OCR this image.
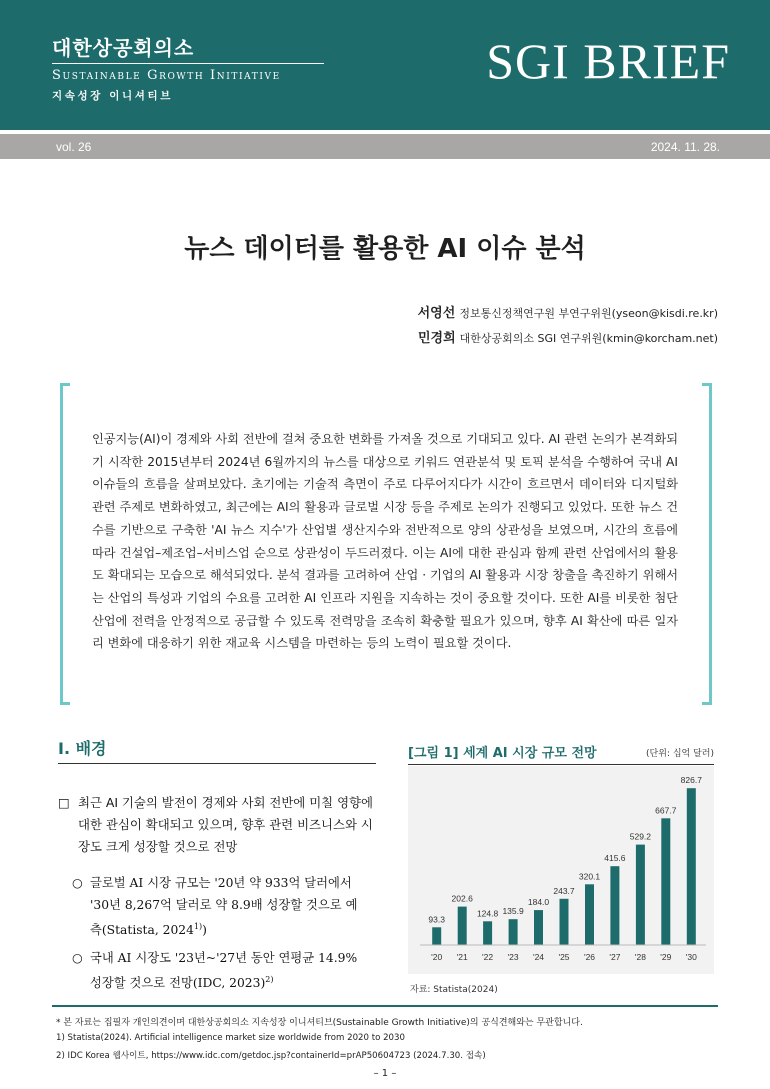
대한상공회의소
Sustainable Growth Initiative
지속성장 이니셔티브
SGI BRIEF
vol. 26	2024. 11. 28.
뉴스 데이터를 활용한 AI 이슈 분석
서영선 정보통신정책연구원 부연구위원(yseon@kisdi.re.kr)
민경희 대한상공회의소 SGI 연구위원(kmin@korcham.net)
인공지능(AI)이 경제와 사회 전반에 걸쳐 중요한 변화를 가져올 것으로 기대되고 있다. AI 관련 논의가 본격화되기 시작한 2015년부터 2024년 6월까지의 뉴스를 대상으로 키워드 연관분석 및 토픽 분석을 수행하여 국내 AI 이슈들의 흐름을 살펴보았다. 초기에는 기술적 측면이 주로 다루어지다가 시간이 흐르면서 데이터와 디지털화 관련 주제로 변화하였고, 최근에는 AI의 활용과 글로벌 시장 등을 주제로 논의가 진행되고 있었다. 또한 뉴스 건수를 기반으로 구축한 'AI 뉴스 지수'가 산업별 생산지수와 전반적으로 양의 상관성을 보였으며, 시간의 흐름에 따라 건설업–제조업–서비스업 순으로 상관성이 두드러졌다. 이는 AI에 대한 관심과 함께 관련 산업에서의 활용도 확대되는 모습으로 해석되었다. 분석 결과를 고려하여 산업 · 기업의 AI 활용과 시장 창출을 촉진하기 위해서는 산업의 특성과 기업의 수요를 고려한 AI 인프라 지원을 지속하는 것이 중요할 것이다. 또한 AI를 비롯한 첨단산업에 전력을 안정적으로 공급할 수 있도록 전력망을 조속히 확충할 필요가 있으며, 향후 AI 확산에 따른 일자리 변화에 대응하기 위한 재교육 시스템을 마련하는 등의 노력이 필요할 것이다.
Ⅰ. 배경
□ 최근 AI 기술의 발전이 경제와 사회 전반에 미칠 영향에 대한 관심이 확대되고 있으며, 향후 관련 비즈니스와 시장도 크게 성장할 것으로 전망
○ 글로벌 AI 시장 규모는 '20년 약 933억 달러에서 '30년 8,267억 달러로 약 8.9배 성장할 것으로 예측(Statista, 2024$^{1)}$)
○ 국내 AI 시장도 '23년~'27년 동안 연평균 14.9% 성장할 것으로 전망(IDC, 2023)$^{2)}$
[그림 1] 세계 AI 시장 규모 전망	(단위: 십억 달러)
93.3
'20
202.6
'21
124.8
'22
135.9
'23
184.0
'24
243.7
'25
320.1
'26
415.6
'27
529.2
'28
667.7
'29
826.7
'30
자료: Statista(2024)
* 본 자료는 집필자 개인의견이며 대한상공회의소 지속성장 이니셔티브(Sustainable Growth Initiative)의 공식견해와는 무관합니다.
1) Statista(2024). Artificial intelligence market size worldwide from 2020 to 2030
2) IDC Korea 웹사이트, https://www.idc.com/getdoc.jsp?containerId=prAP50604723 (2024.7.30. 접속)
– 1 –
